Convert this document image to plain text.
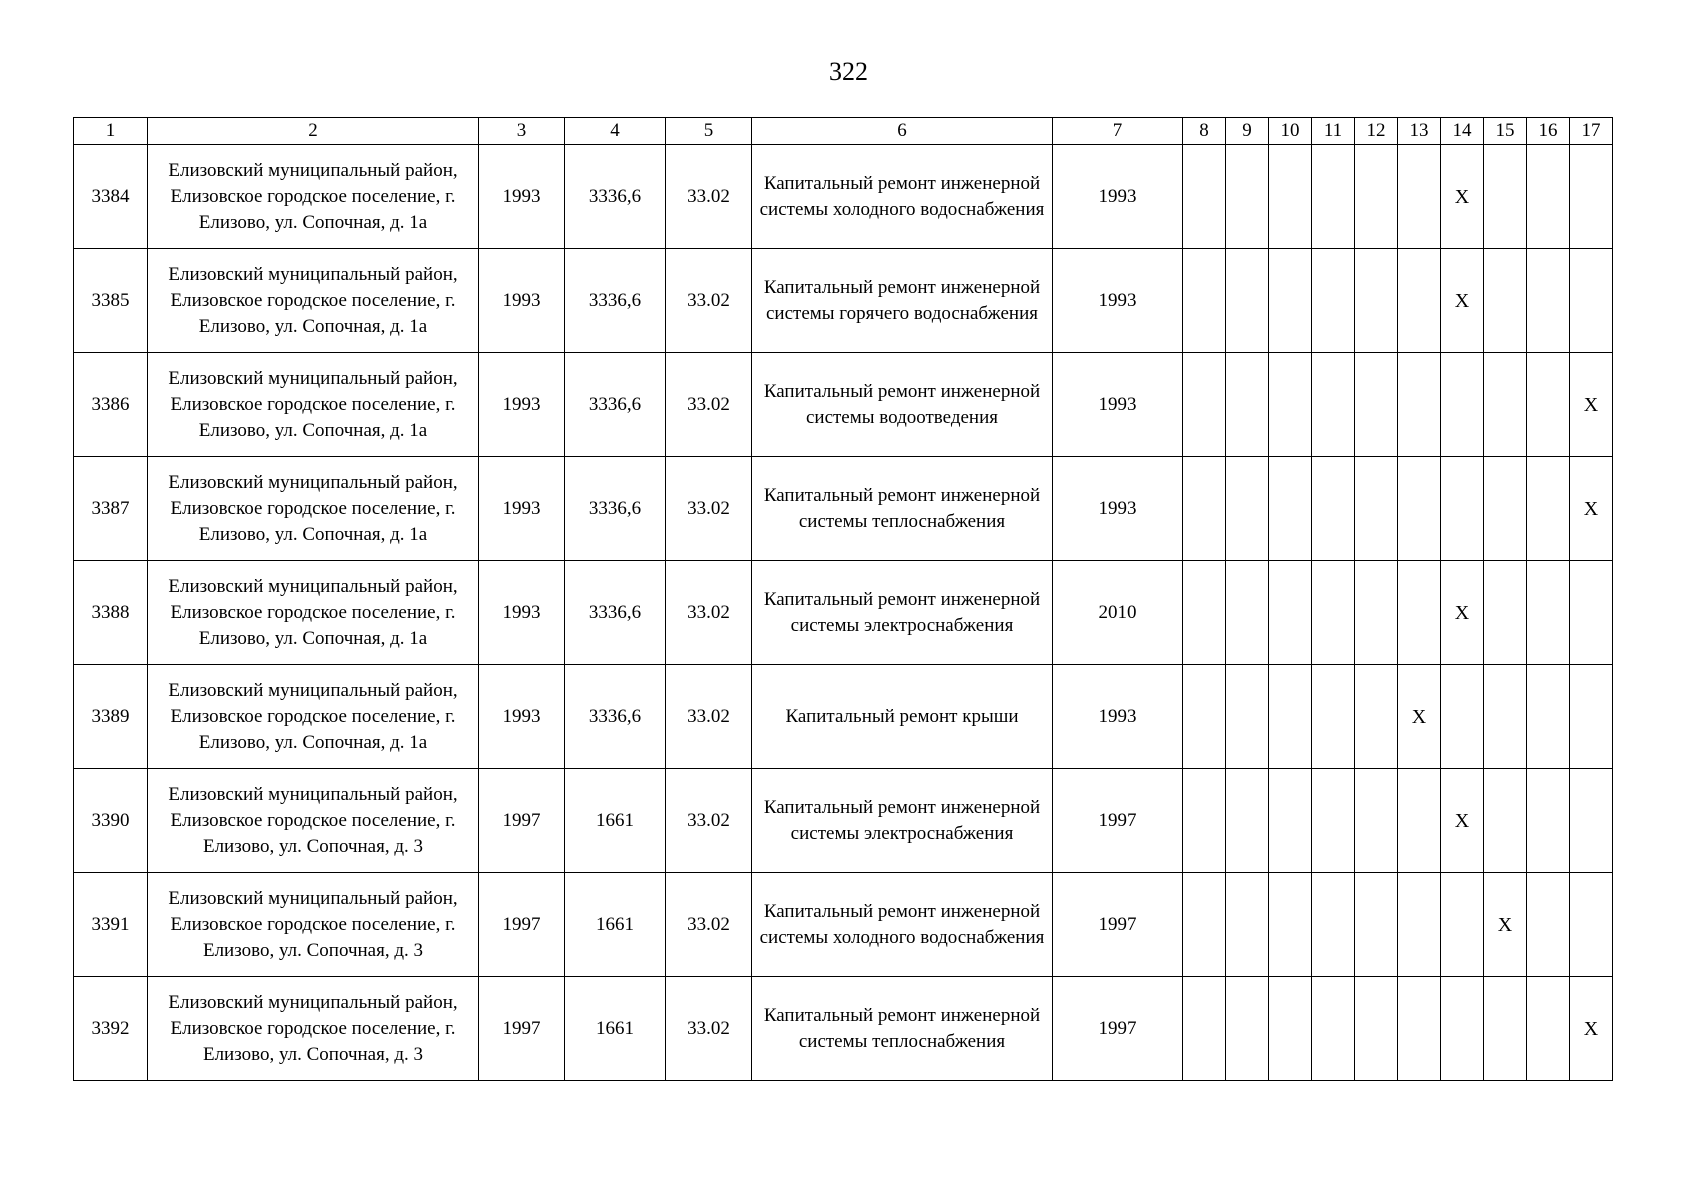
322
1	2	3	4	5	6	7	8	9	10	11	12	13	14	15	16	17
3384	Елизовский муниципальный район, Елизовское городское поселение, г. Елизово, ул. Сопочная, д. 1а	1993	3336,6	33.02	Капитальный ремонт инженерной системы холодного водоснабжения	1993							X			
3385	Елизовский муниципальный район, Елизовское городское поселение, г. Елизово, ул. Сопочная, д. 1а	1993	3336,6	33.02	Капитальный ремонт инженерной системы горячего водоснабжения	1993							X			
3386	Елизовский муниципальный район, Елизовское городское поселение, г. Елизово, ул. Сопочная, д. 1а	1993	3336,6	33.02	Капитальный ремонт инженерной системы водоотведения	1993										X
3387	Елизовский муниципальный район, Елизовское городское поселение, г. Елизово, ул. Сопочная, д. 1а	1993	3336,6	33.02	Капитальный ремонт инженерной системы теплоснабжения	1993										X
3388	Елизовский муниципальный район, Елизовское городское поселение, г. Елизово, ул. Сопочная, д. 1а	1993	3336,6	33.02	Капитальный ремонт инженерной системы электроснабжения	2010							X			
3389	Елизовский муниципальный район, Елизовское городское поселение, г. Елизово, ул. Сопочная, д. 1а	1993	3336,6	33.02	Капитальный ремонт крыши	1993						X				
3390	Елизовский муниципальный район, Елизовское городское поселение, г. Елизово, ул. Сопочная, д. 3	1997	1661	33.02	Капитальный ремонт инженерной системы электроснабжения	1997							X			
3391	Елизовский муниципальный район, Елизовское городское поселение, г. Елизово, ул. Сопочная, д. 3	1997	1661	33.02	Капитальный ремонт инженерной системы холодного водоснабжения	1997								X		
3392	Елизовский муниципальный район, Елизовское городское поселение, г. Елизово, ул. Сопочная, д. 3	1997	1661	33.02	Капитальный ремонт инженерной системы теплоснабжения	1997										X
